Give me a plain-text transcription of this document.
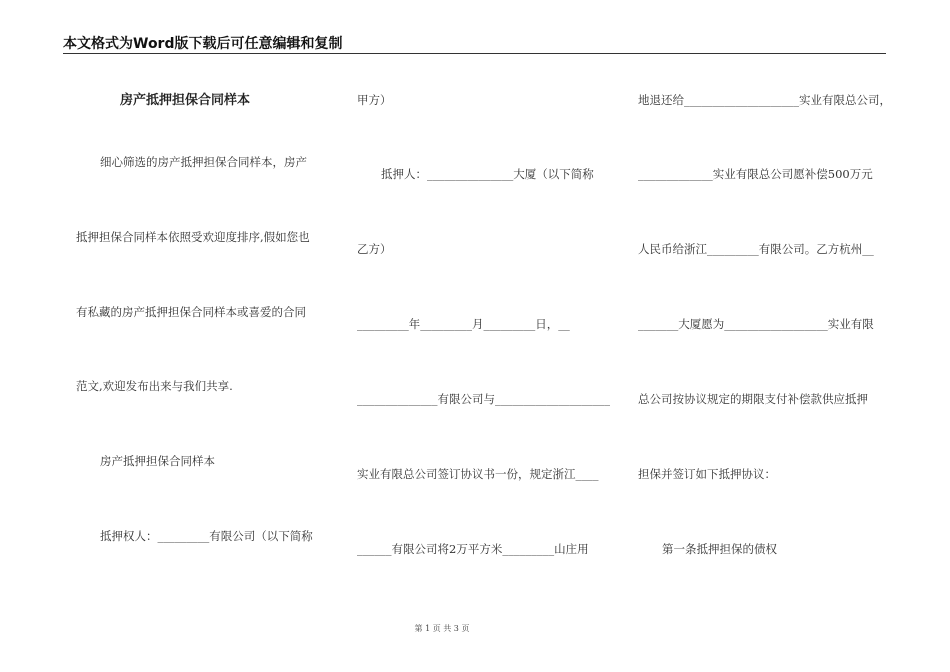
本文格式为Word版下载后可任意编辑和复制
房产抵押担保合同样本
细心筛选的房产抵押担保合同样本，房产
抵押担保合同样本依照受欢迎度排序,假如您也
有私藏的房产抵押担保合同样本或喜爱的合同
范文,欢迎发布出来与我们共享.
房产抵押担保合同样本
抵押权人：_________有限公司（以下简称
甲方）
抵押人：_______________大厦（以下简称
乙方）
_________年_________月_________日，__
______________有限公司与____________________
实业有限总公司签订协议书一份，规定浙江____
______有限公司将2万平方米_________山庄用
地退还给____________________实业有限总公司，
_____________实业有限总公司愿补偿500万元
人民币给浙江_________有限公司。乙方杭州__
_______大厦愿为__________________实业有限
总公司按协议规定的期限支付补偿款供应抵押
担保并签订如下抵押协议：
第一条抵押担保的债权
第 1 页 共 3 页
